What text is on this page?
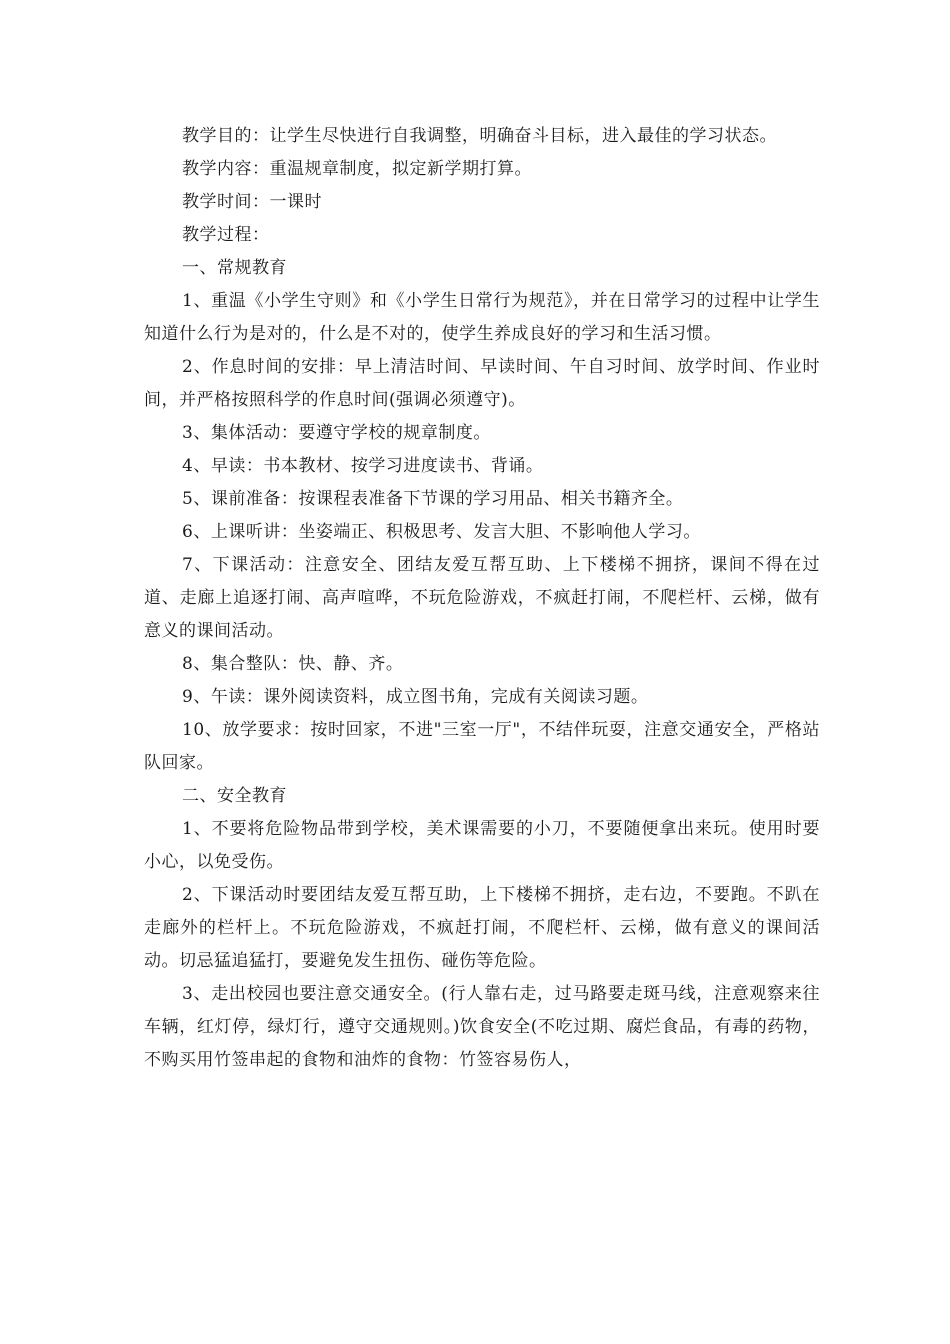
教学目的：让学生尽快进行自我调整，明确奋斗目标，进入最佳的学习状态。

教学内容：重温规章制度，拟定新学期打算。

教学时间：一课时

教学过程：

一、常规教育

1、重温《小学生守则》和《小学生日常行为规范》，并在日常学习的过程中让学生知道什么行为是对的，什么是不对的，使学生养成良好的学习和生活习惯。

2、作息时间的安排：早上清洁时间、早读时间、午自习时间、放学时间、作业时间，并严格按照科学的作息时间(强调必须遵守)。

3、集体活动：要遵守学校的规章制度。

4、早读：书本教材、按学习进度读书、背诵。

5、课前准备：按课程表准备下节课的学习用品、相关书籍齐全。

6、上课听讲：坐姿端正、积极思考、发言大胆、不影响他人学习。

7、下课活动：注意安全、团结友爱互帮互助、上下楼梯不拥挤，课间不得在过道、走廊上追逐打闹、高声喧哗，不玩危险游戏，不疯赶打闹，不爬栏杆、云梯，做有意义的课间活动。

8、集合整队：快、静、齐。

9、午读：课外阅读资料，成立图书角，完成有关阅读习题。

10、放学要求：按时回家，不进"三室一厅"，不结伴玩耍，注意交通安全，严格站队回家。

二、安全教育

1、不要将危险物品带到学校，美术课需要的小刀，不要随便拿出来玩。使用时要小心，以免受伤。

2、下课活动时要团结友爱互帮互助，上下楼梯不拥挤，走右边，不要跑。不趴在走廊外的栏杆上。不玩危险游戏，不疯赶打闹，不爬栏杆、云梯，做有意义的课间活动。切忌猛追猛打，要避免发生扭伤、碰伤等危险。

3、走出校园也要注意交通安全。(行人靠右走，过马路要走斑马线，注意观察来往车辆，红灯停，绿灯行，遵守交通规则。)饮食安全(不吃过期、腐烂食品，有毒的药物，不购买用竹签串起的食物和油炸的食物：竹签容易伤人，
